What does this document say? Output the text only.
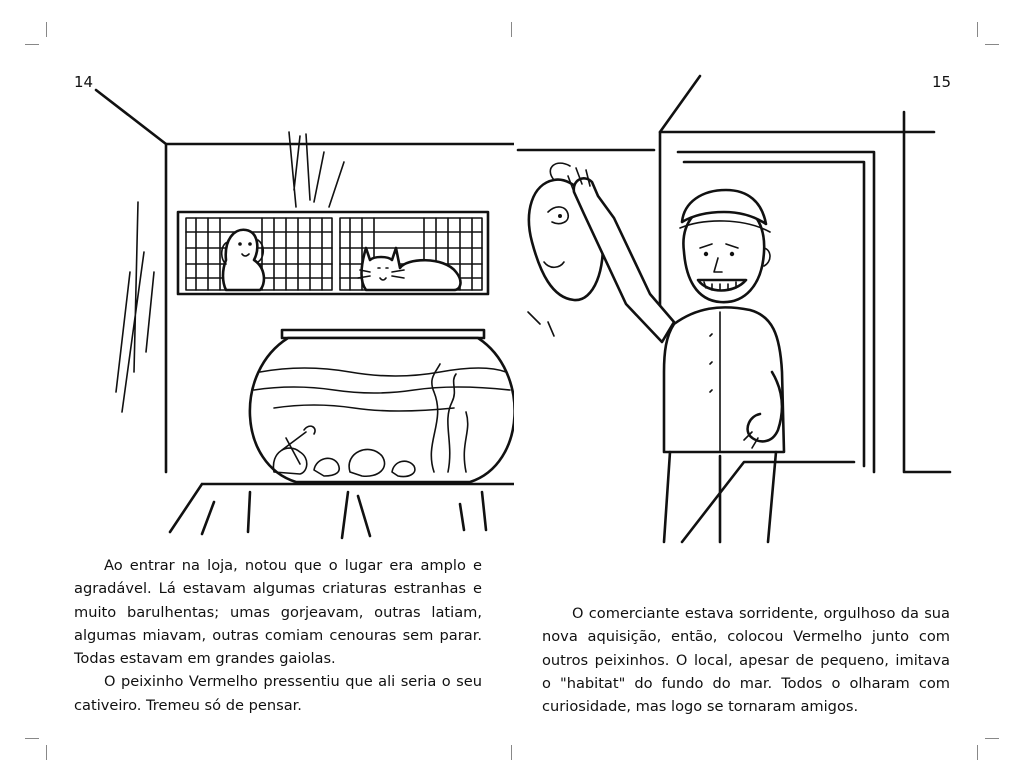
14	15

Ao entrar na loja, notou que o lugar era amplo e agradável. Lá estavam algumas criaturas estranhas e muito barulhentas; umas gorjeavam, outras latiam, algumas miavam, outras comiam cenouras sem parar. Todas estavam em grandes gaiolas.

O peixinho Vermelho pressentiu que ali seria o seu cativeiro. Tremeu só de pensar.

O comerciante estava sorridente, orgulhoso da sua nova aquisição, então, colocou Vermelho junto com outros peixinhos. O local, apesar de pequeno, imitava o "habitat" do fundo do mar. Todos o olharam com curiosidade, mas logo se tornaram amigos.
